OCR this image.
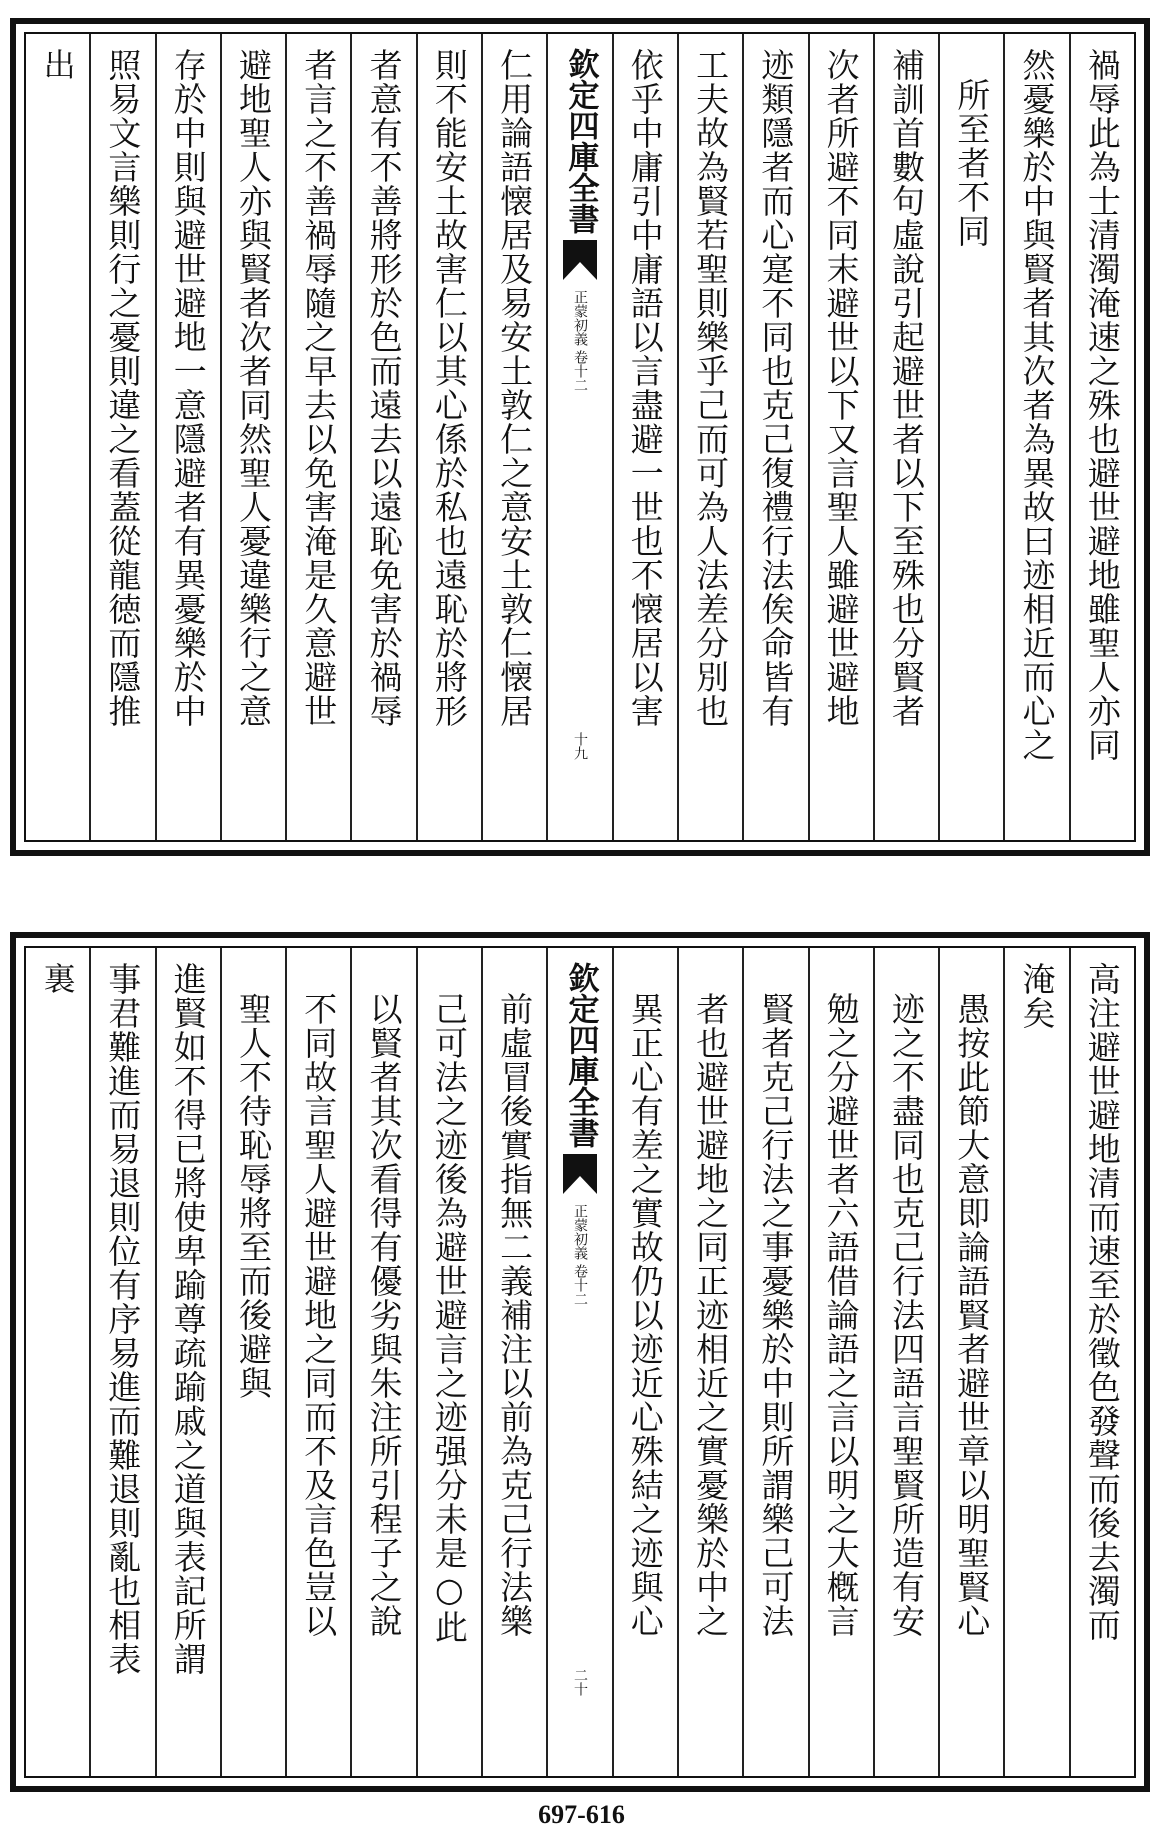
禍辱此為士清濁淹速之殊也避世避地雖聖人亦同
然憂樂於中與賢者其次者為異故曰迹相近而心之
所至者不同
補訓首數句虛說引起避世者以下至殊也分賢者
次者所避不同末避世以下又言聖人雖避世避地
迹類隱者而心寔不同也克己復禮行法俟命皆有
工夫故為賢若聖則樂乎己而可為人法差分別也
依乎中庸引中庸語以言盡避一世也不懐居以害
欽定四庫全書
正蒙初義
卷十二
十九
仁用論語懐居及易安土敦仁之意安土敦仁懐居
則不能安土故害仁以其心係於私也遠恥於將形
者意有不善將形於色而遠去以遠恥免害於禍辱
者言之不善禍辱隨之早去以免害淹是久意避世
避地聖人亦與賢者次者同然聖人憂違樂行之意
存於中則與避世避地一意隱避者有異憂樂於中
照易文言樂則行之憂則違之看蓋從龍徳而隱推
出
高注避世避地清而速至於徵色發聲而後去濁而
淹矣
愚按此節大意即論語賢者避世章以明聖賢心
迹之不盡同也克己行法四語言聖賢所造有安
勉之分避世者六語借論語之言以明之大槪言
賢者克己行法之事憂樂於中則所謂樂己可法
者也避世避地之同正迹相近之實憂樂於中之
異正心有差之實故仍以迹近心殊結之迹與心
欽定四庫全書
正蒙初義
卷十二
二十
前虛冒後實指無二義補注以前為克己行法樂
己可法之迹後為避世避言之迹强分未是○此
以賢者其次看得有優劣與朱注所引程子之說
不同故言聖人避世避地之同而不及言色豈以
聖人不待恥辱將至而後避與
進賢如不得已將使卑踰尊疏踰戚之道與表記所謂
事君難進而易退則位有序易進而難退則亂也相表
裏
697-616
